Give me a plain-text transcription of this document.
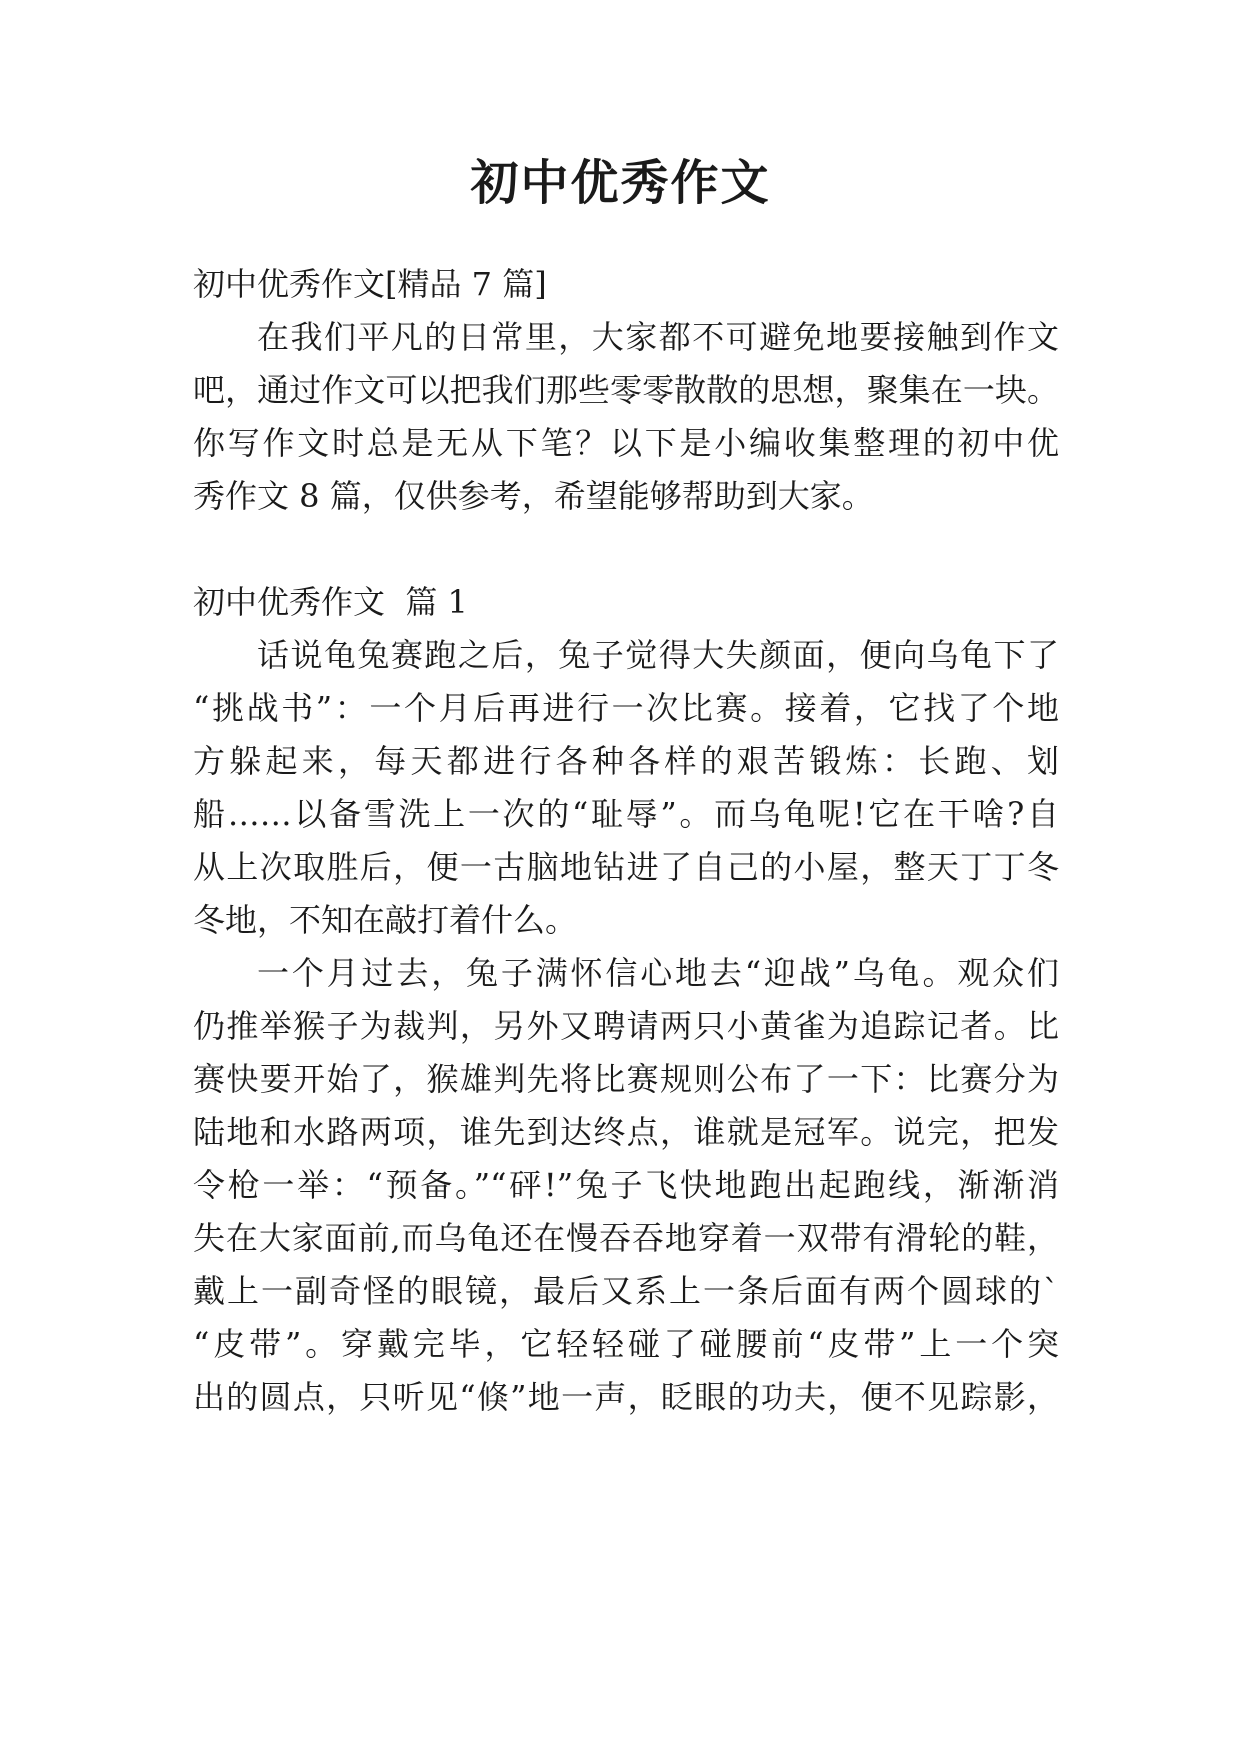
初中优秀作文
初中优秀作文[精品 7 篇]
在我们平凡的日常里，大家都不可避免地要接触到作文
吧，通过作文可以把我们那些零零散散的思想，聚集在一块。
你写作文时总是无从下笔？以下是小编收集整理的初中优
秀作文 8 篇，仅供参考，希望能够帮助到大家。
初中优秀作文  篇 1
话说龟兔赛跑之后，兔子觉得大失颜面，便向乌龟下了
“挑战书”：一个月后再进行一次比赛。接着，它找了个地
方躲起来，每天都进行各种各样的艰苦锻炼：长跑、划
船……以备雪洗上一次的“耻辱”。而乌龟呢!它在干啥?自
从上次取胜后，便一古脑地钻进了自己的小屋，整天丁丁冬
冬地，不知在敲打着什么。
一个月过去，兔子满怀信心地去“迎战”乌龟。观众们
仍推举猴子为裁判，另外又聘请两只小黄雀为追踪记者。比
赛快要开始了，猴雄判先将比赛规则公布了一下：比赛分为
陆地和水路两项，谁先到达终点，谁就是冠军。说完，把发
令枪一举：“预备。”“砰!”兔子飞快地跑出起跑线，渐渐消
失在大家面前,而乌龟还在慢吞吞地穿着一双带有滑轮的鞋，
戴上一副奇怪的眼镜，最后又系上一条后面有两个圆球的`
“皮带”。穿戴完毕，它轻轻碰了碰腰前“皮带”上一个突
出的圆点，只听见“倏”地一声，眨眼的功夫，便不见踪影，
